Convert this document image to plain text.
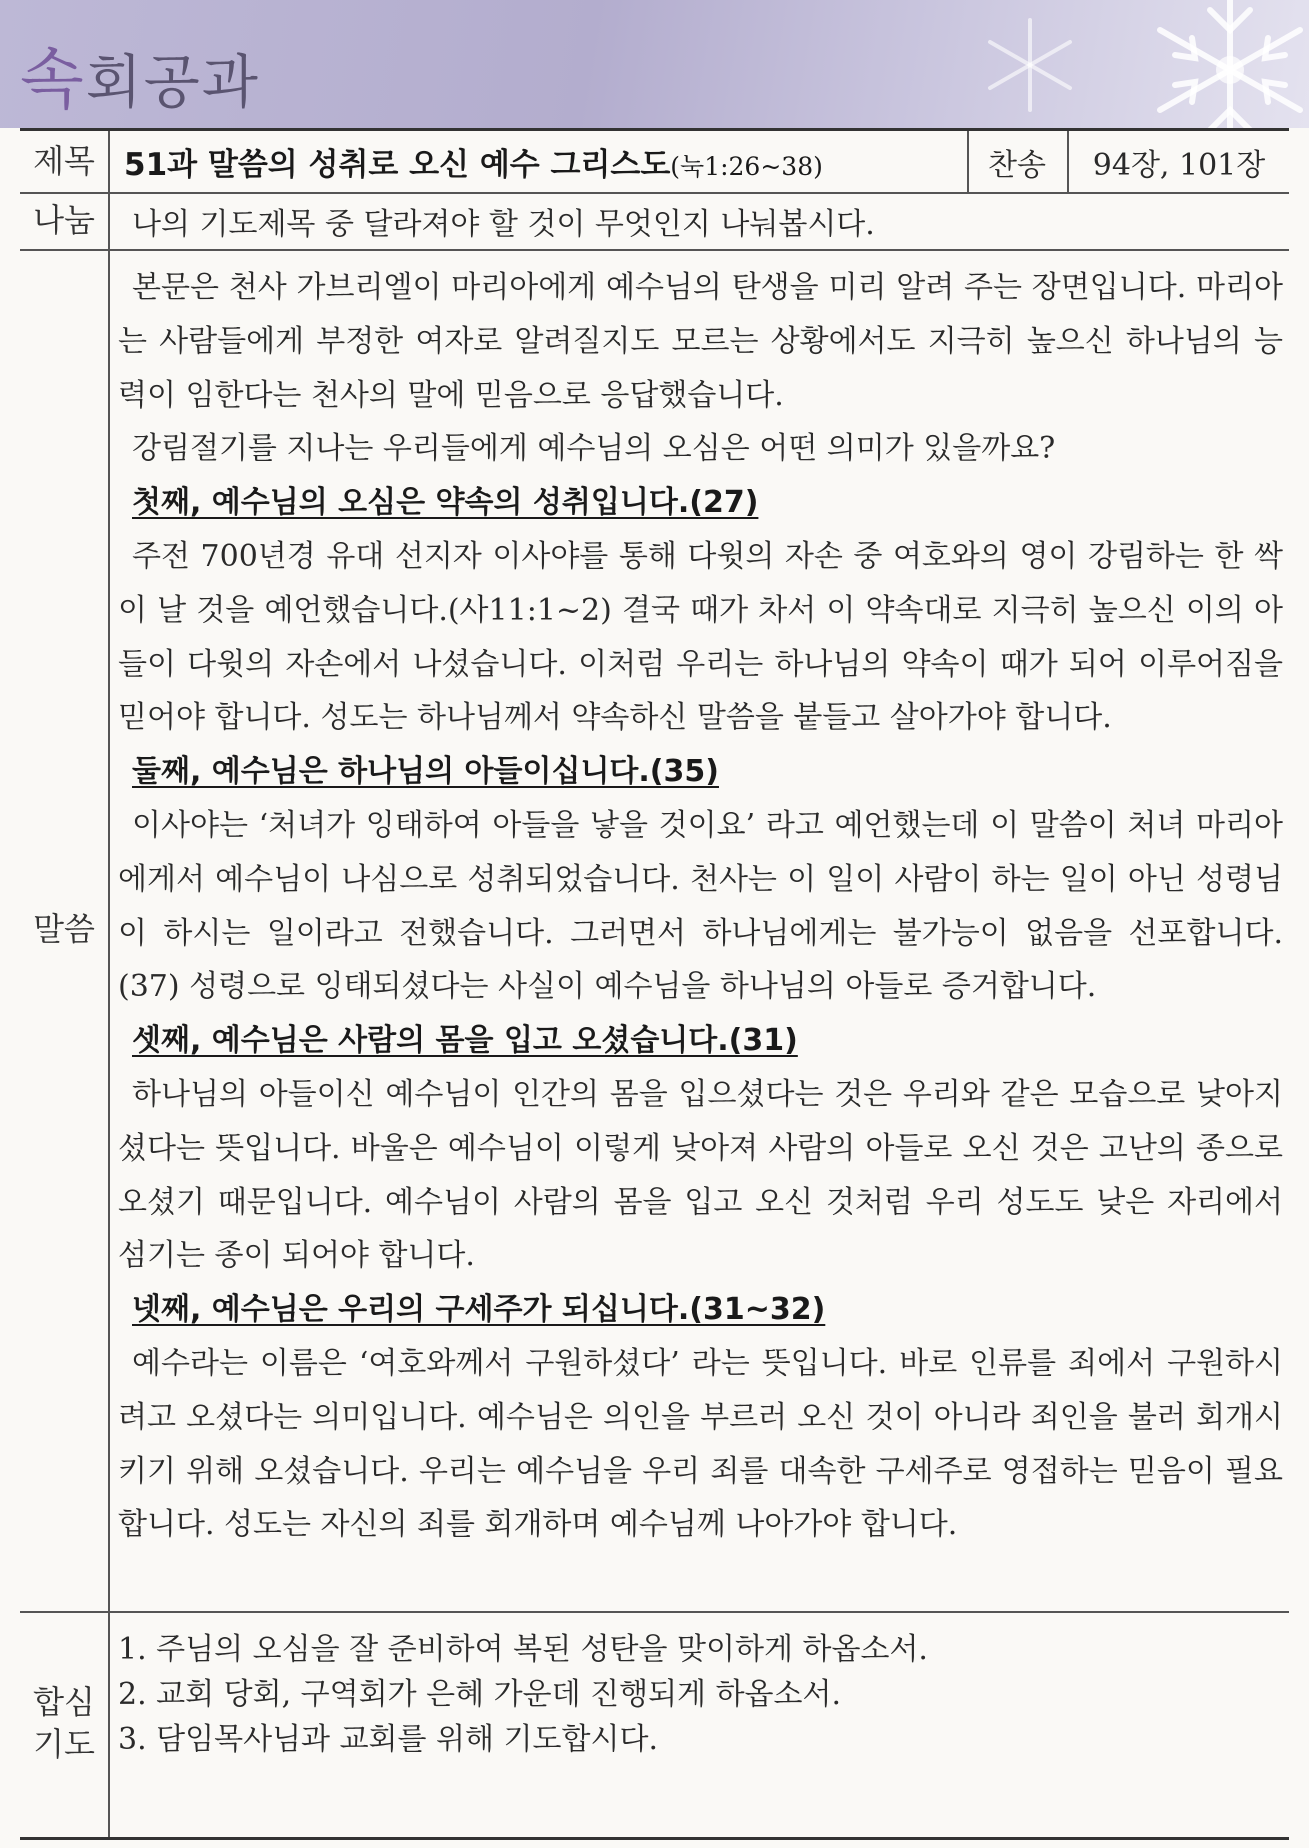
속회공과
제목 51과 말씀의 성취로 오신 예수 그리스도(눅1:26~38)	찬송 94장, 101장
나눔	나의 기도제목 중 달라져야 할 것이 무엇인지 나눠봅시다.
말씀

본문은 천사 가브리엘이 마리아에게 예수님의 탄생을 미리 알려 주는 장면입니다. 마리아는 사람들에게 부정한 여자로 알려질지도 모르는 상황에서도 지극히 높으신 하나님의 능력이 임한다는 천사의 말에 믿음으로 응답했습니다.

강림절기를 지나는 우리들에게 예수님의 오심은 어떤 의미가 있을까요?

첫째, 예수님의 오심은 약속의 성취입니다.(27)

주전 700년경 유대 선지자 이사야를 통해 다윗의 자손 중 여호와의 영이 강림하는 한 싹이 날 것을 예언했습니다.(사11:1~2) 결국 때가 차서 이 약속대로 지극히 높으신 이의 아들이 다윗의 자손에서 나셨습니다. 이처럼 우리는 하나님의 약속이 때가 되어 이루어짐을 믿어야 합니다. 성도는 하나님께서 약속하신 말씀을 붙들고 살아가야 합니다.

둘째, 예수님은 하나님의 아들이십니다.(35)

이사야는 ‘처녀가 잉태하여 아들을 낳을 것이요’ 라고 예언했는데 이 말씀이 처녀 마리아에게서 예수님이 나심으로 성취되었습니다. 천사는 이 일이 사람이 하는 일이 아닌 성령님이 하시는 일이라고 전했습니다. 그러면서 하나님에게는 불가능이 없음을 선포합니다.(37) 성령으로 잉태되셨다는 사실이 예수님을 하나님의 아들로 증거합니다.

셋째, 예수님은 사람의 몸을 입고 오셨습니다.(31)

하나님의 아들이신 예수님이 인간의 몸을 입으셨다는 것은 우리와 같은 모습으로 낮아지셨다는 뜻입니다. 바울은 예수님이 이렇게 낮아져 사람의 아들로 오신 것은 고난의 종으로 오셨기 때문입니다. 예수님이 사람의 몸을 입고 오신 것처럼 우리 성도도 낮은 자리에서 섬기는 종이 되어야 합니다.

넷째, 예수님은 우리의 구세주가 되십니다.(31~32)

예수라는 이름은 ‘여호와께서 구원하셨다’ 라는 뜻입니다. 바로 인류를 죄에서 구원하시려고 오셨다는 의미입니다. 예수님은 의인을 부르러 오신 것이 아니라 죄인을 불러 회개시키기 위해 오셨습니다. 우리는 예수님을 우리 죄를 대속한 구세주로 영접하는 믿음이 필요합니다. 성도는 자신의 죄를 회개하며 예수님께 나아가야 합니다.

합심
기도
1. 주님의 오심을 잘 준비하여 복된 성탄을 맞이하게 하옵소서.
2. 교회 당회, 구역회가 은혜 가운데 진행되게 하옵소서.
3. 담임목사님과 교회를 위해 기도합시다.
